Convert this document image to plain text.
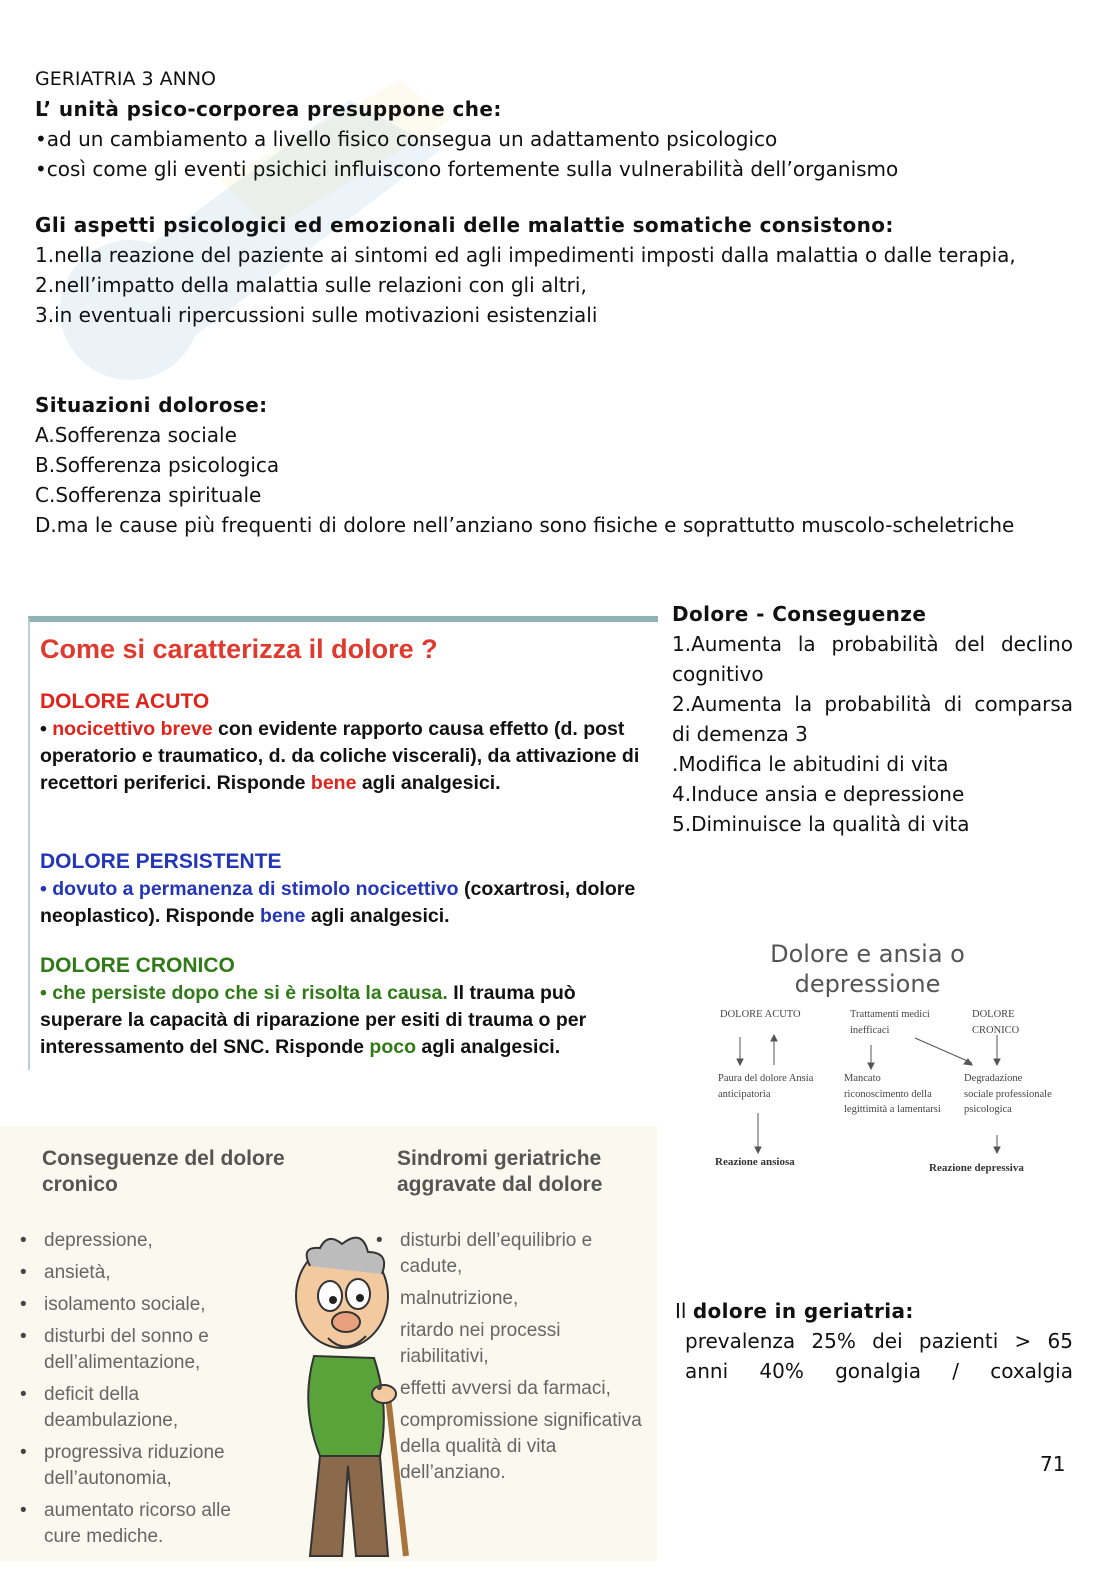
GERIATRIA 3 ANNO

L’ unità psico-corporea presuppone che:

•ad un cambiamento a livello fisico consegua un adattamento psicologico

•così come gli eventi psichici influiscono fortemente sulla vulnerabilità dell’organismo

Gli aspetti psicologici ed emozionali delle malattie somatiche consistono:

1.nella reazione del paziente ai sintomi ed agli impedimenti imposti dalla malattia o dalle terapia,

2.nell’impatto della malattia sulle relazioni con gli altri,

3.in eventuali ripercussioni sulle motivazioni esistenziali

Situazioni dolorose:

A.Sofferenza sociale

B.Sofferenza psicologica

C.Sofferenza spirituale

D.ma le cause più frequenti di dolore nell’anziano sono fisiche e soprattutto muscolo-scheletriche

Come si caratterizza il dolore ?
DOLORE ACUTO
• nocicettivo breve con evidente rapporto causa effetto (d. post operatorio e traumatico, d. da coliche viscerali), da attivazione di recettori periferici. Risponde bene agli analgesici.
DOLORE PERSISTENTE
• dovuto a permanenza di stimolo nocicettivo (coxartrosi, dolore neoplastico). Risponde bene agli analgesici.
DOLORE CRONICO
• che persiste dopo che si è risolta la causa. Il trauma può superare la capacità di riparazione per esiti di trauma o per interessamento del SNC. Risponde poco agli analgesici.

Dolore - Conseguenze

1.Aumenta la probabilità del declino cognitivo

2.Aumenta la probabilità di comparsa di demenza 3

.Modifica le abitudini di vita

4.Induce ansia e depressione

5.Diminuisce la qualità di vita

Dolore e ansia o depressione
DOLORE ACUTO	Trattamenti medici inefficaci
DOLORE CRONICO
Paura del dolore Ansia anticipatoria
Mancato riconoscimento della legittimità a lamentarsi
Degradazione sociale professionale psicologica
Reazione ansiosa	Reazione depressiva
Conseguenze del dolore cronico
• depressione,
• ansietà,
• isolamento sociale,
• disturbi del sonno e dell’alimentazione,
• deficit della deambulazione,
• progressiva riduzione dell’autonomia,
• aumentato ricorso alle cure mediche.
Sindromi geriatriche aggravate dal dolore
• disturbi dell’equilibrio e cadute,
malnutrizione,
ritardo nei processi riabilitativi,
• effetti avversi da farmaci,
compromissione significativa della qualità di vita dell’anziano.

Il dolore in geriatria:

prevalenza 25% dei pazienti > 65 anni 40% gonalgia / coxalgia

71
